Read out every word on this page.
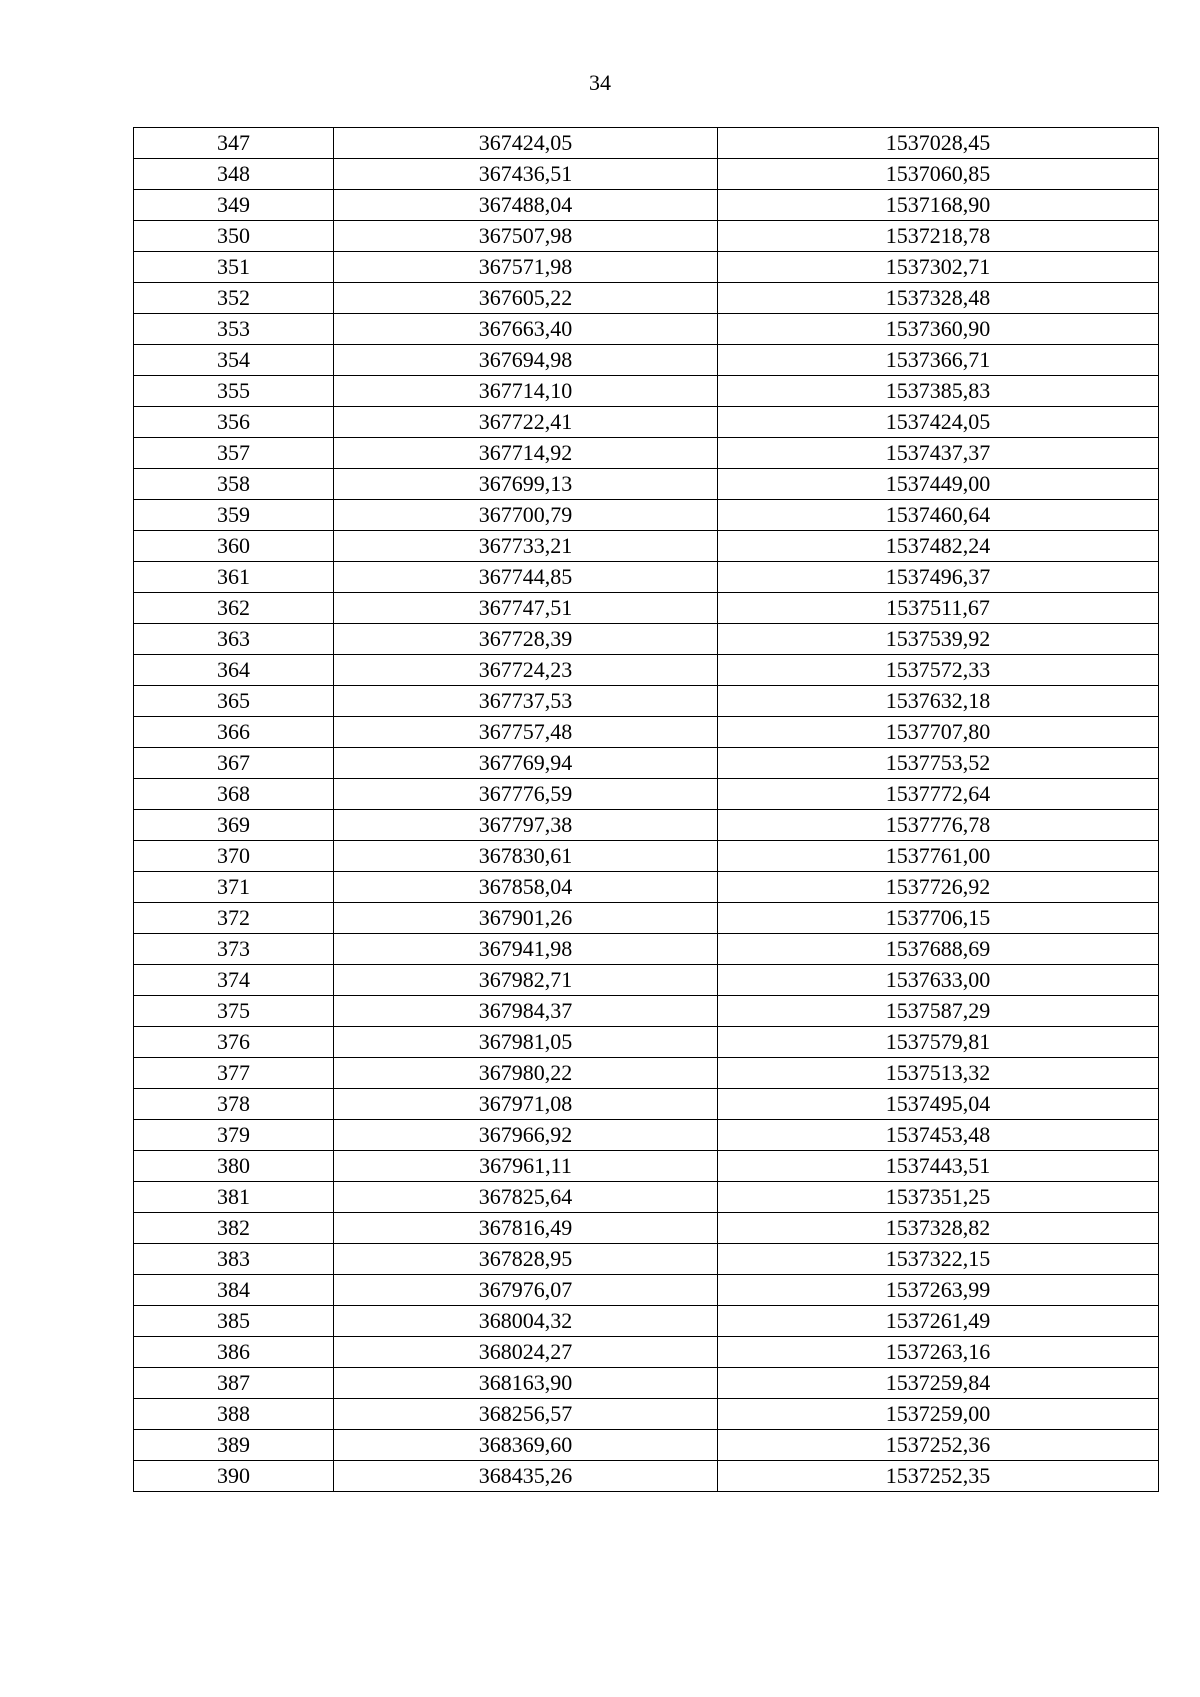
34
347	367424,05	1537028,45
348	367436,51	1537060,85
349	367488,04	1537168,90
350	367507,98	1537218,78
351	367571,98	1537302,71
352	367605,22	1537328,48
353	367663,40	1537360,90
354	367694,98	1537366,71
355	367714,10	1537385,83
356	367722,41	1537424,05
357	367714,92	1537437,37
358	367699,13	1537449,00
359	367700,79	1537460,64
360	367733,21	1537482,24
361	367744,85	1537496,37
362	367747,51	1537511,67
363	367728,39	1537539,92
364	367724,23	1537572,33
365	367737,53	1537632,18
366	367757,48	1537707,80
367	367769,94	1537753,52
368	367776,59	1537772,64
369	367797,38	1537776,78
370	367830,61	1537761,00
371	367858,04	1537726,92
372	367901,26	1537706,15
373	367941,98	1537688,69
374	367982,71	1537633,00
375	367984,37	1537587,29
376	367981,05	1537579,81
377	367980,22	1537513,32
378	367971,08	1537495,04
379	367966,92	1537453,48
380	367961,11	1537443,51
381	367825,64	1537351,25
382	367816,49	1537328,82
383	367828,95	1537322,15
384	367976,07	1537263,99
385	368004,32	1537261,49
386	368024,27	1537263,16
387	368163,90	1537259,84
388	368256,57	1537259,00
389	368369,60	1537252,36
390	368435,26	1537252,35
